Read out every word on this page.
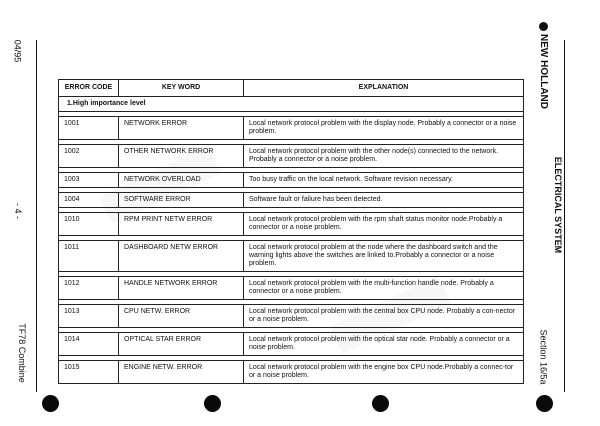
04/95
- 4 -
TF78 Combine
NEW HOLLAND
ELECTRICAL SYSTEM
Section 16/5a
ERROR CODE	KEY WORD	EXPLANATION
1.High importance level		

1001	NETWORK ERROR	Local network protocol problem with the display node. Probably a connector or a noise problem.

1002	OTHER NETWORK ERROR	Local network protocol problem with the other node(s) connected to the network. Probably a connector or a noise problem.

1003	NETWORK OVERLOAD	Too busy traffic on the local network. Software revision necessary.

1004	SOFTWARE ERROR	Software fault or failure has been detected.

1010	RPM PRINT NETW ERROR	Local network protocol problem with the rpm shaft status monitor node.Probably a connector or a noise problem.

1011	DASHBOARD NETW ERROR	Local network protocol problem at the node where the dashboard switch and the warning lights above the switches are linked to.Probably a connector or a noise problem.

1012	HANDLE NETWORK ERROR	Local network protocol problem with the multi-function handle node. Probably a connector or a noise problem.

1013	CPU NETW. ERROR	Local network protocol problem with the central box CPU node. Probably a con-nector or a noise problem.

1014	OPTICAL STAR ERROR	Local network protocol problem with the optical star node. Probably a connector or a noise problem.

1015	ENGINE NETW. ERROR	Local network protocol problem with the engine box CPU node.Probably a connec-tor or a noise problem.
